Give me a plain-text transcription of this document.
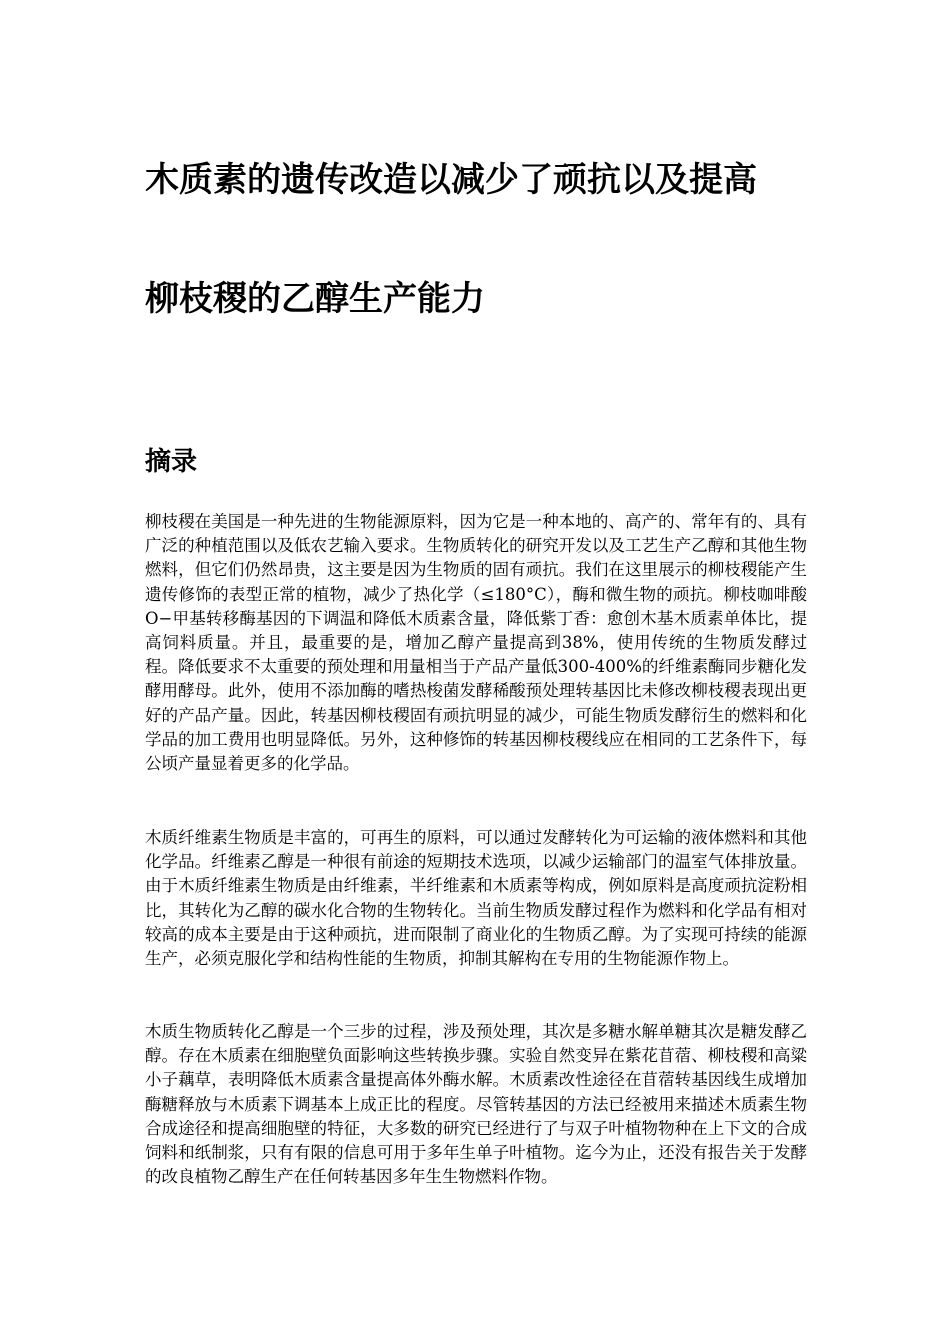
木质素的遗传改造以减少了顽抗以及提高
柳枝稷的乙醇生产能力
摘录

柳枝稷在美国是一种先进的生物能源原料，因为它是一种本地的、高产的、常年有的、具有广泛的种植范围以及低农艺输入要求。生物质转化的研究开发以及工艺生产乙醇和其他生物燃料，但它们仍然昂贵，这主要是因为生物质的固有顽抗。我们在这里展示的柳枝稷能产生遗传修饰的表型正常的植物，减少了热化学（≤180°C），酶和微生物的顽抗。柳枝咖啡酸O−甲基转移酶基因的下调温和降低木质素含量，降低紫丁香：愈创木基木质素单体比，提高饲料质量。并且，最重要的是，增加乙醇产量提高到38%，使用传统的生物质发酵过程。降低要求不太重要的预处理和用量相当于产品产量低300-400%的纤维素酶同步糖化发酵用酵母。此外，使用不添加酶的嗜热梭菌发酵稀酸预处理转基因比未修改柳枝稷表现出更好的产品产量。因此，转基因柳枝稷固有顽抗明显的减少，可能生物质发酵衍生的燃料和化学品的加工费用也明显降低。另外，这种修饰的转基因柳枝稷线应在相同的工艺条件下，每公顷产量显着更多的化学品。

木质纤维素生物质是丰富的，可再生的原料，可以通过发酵转化为可运输的液体燃料和其他化学品。纤维素乙醇是一种很有前途的短期技术选项，以减少运输部门的温室气体排放量。由于木质纤维素生物质是由纤维素，半纤维素和木质素等构成，例如原料是高度顽抗淀粉相比，其转化为乙醇的碳水化合物的生物转化。当前生物质发酵过程作为燃料和化学品有相对较高的成本主要是由于这种顽抗，进而限制了商业化的生物质乙醇。为了实现可持续的能源生产，必须克服化学和结构性能的生物质，抑制其解构在专用的生物能源作物上。

木质生物质转化乙醇是一个三步的过程，涉及预处理，其次是多糖水解单糖其次是糖发酵乙醇。存在木质素在细胞壁负面影响这些转换步骤。实验自然变异在紫花苜蓿、柳枝稷和高粱小子藕草，表明降低木质素含量提高体外酶水解。木质素改性途径在苜蓿转基因线生成增加酶糖释放与木质素下调基本上成正比的程度。尽管转基因的方法已经被用来描述木质素生物合成途径和提高细胞壁的特征，大多数的研究已经进行了与双子叶植物物种在上下文的合成饲料和纸制浆，只有有限的信息可用于多年生单子叶植物。迄今为止，还没有报告关于发酵的改良植物乙醇生产在任何转基因多年生生物燃料作物。
